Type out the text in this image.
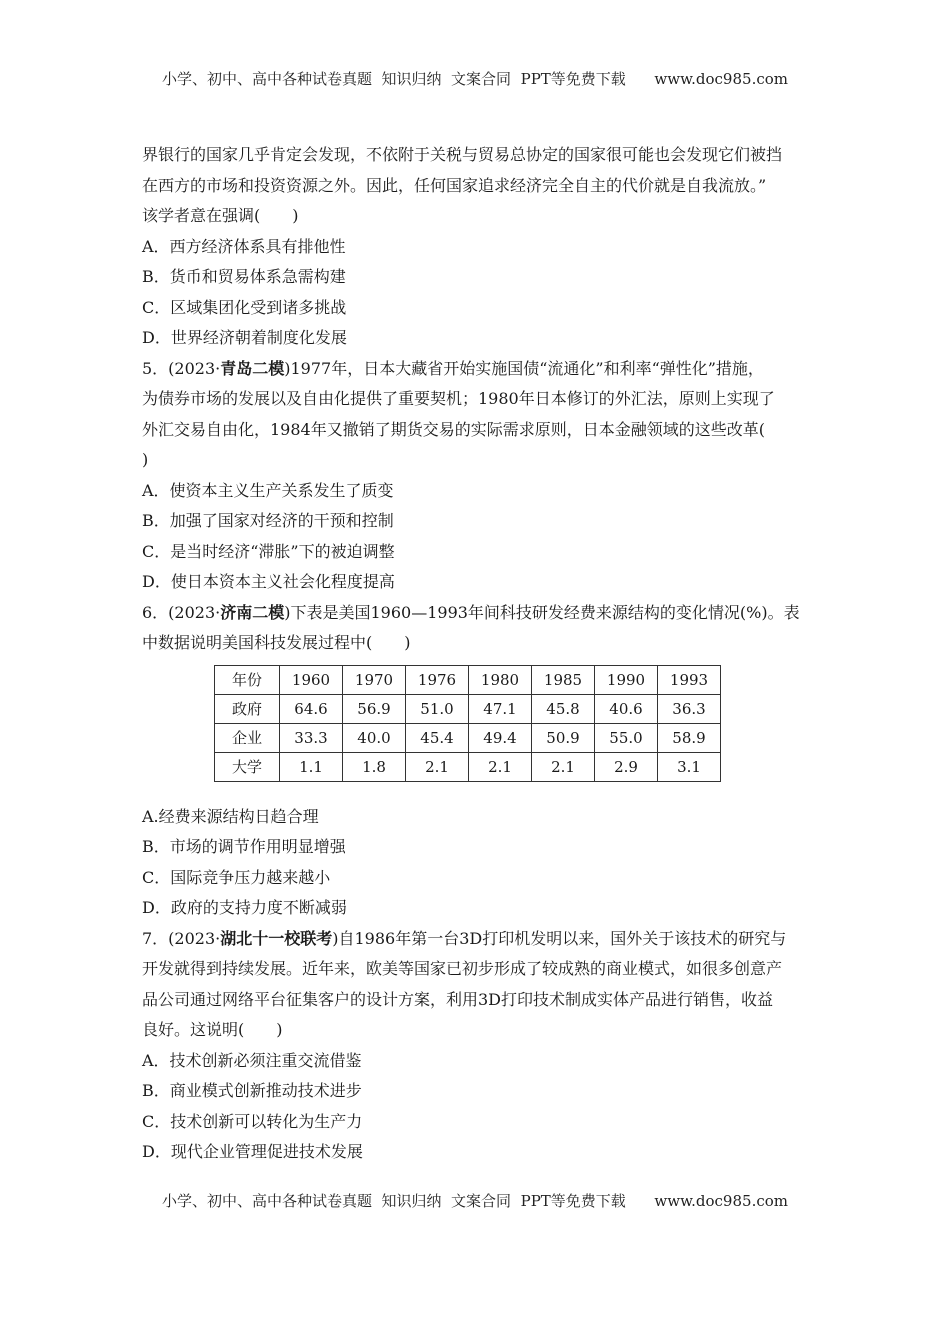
小学、初中、高中各种试卷真题  知识归纳  文案合同  PPT等免费下载      www.doc985.com

界银行的国家几乎肯定会发现，不依附于关税与贸易总协定的国家很可能也会发现它们被挡

在西方的市场和投资资源之外。因此，任何国家追求经济完全自主的代价就是自我流放。”

该学者意在强调(　　)

A．西方经济体系具有排他性

B．货币和贸易体系急需构建

C．区域集团化受到诸多挑战

D．世界经济朝着制度化发展

5．(2023·青岛二模)1977年，日本大藏省开始实施国债“流通化”和利率“弹性化”措施，

为债券市场的发展以及自由化提供了重要契机；1980年日本修订的外汇法，原则上实现了

外汇交易自由化，1984年又撤销了期货交易的实际需求原则，日本金融领域的这些改革(

)

A．使资本主义生产关系发生了质变

B．加强了国家对经济的干预和控制

C．是当时经济“滞胀”下的被迫调整

D．使日本资本主义社会化程度提高

6．(2023·济南二模)下表是美国1960—1993年间科技研发经费来源结构的变化情况(%)。表

中数据说明美国科技发展过程中(　　)

年份	1960	1970	1976	1980	1985	1990	1993
政府	64.6	56.9	51.0	47.1	45.8	40.6	36.3
企业	33.3	40.0	45.4	49.4	50.9	55.0	58.9
大学	1.1	1.8	2.1	2.1	2.1	2.9	3.1

A.经费来源结构日趋合理

B．市场的调节作用明显增强

C．国际竞争压力越来越小

D．政府的支持力度不断减弱

7．(2023·湖北十一校联考)自1986年第一台3D打印机发明以来，国外关于该技术的研究与

开发就得到持续发展。近年来，欧美等国家已初步形成了较成熟的商业模式，如很多创意产

品公司通过网络平台征集客户的设计方案，利用3D打印技术制成实体产品进行销售，收益

良好。这说明(　　)

A．技术创新必须注重交流借鉴

B．商业模式创新推动技术进步

C．技术创新可以转化为生产力

D．现代企业管理促进技术发展

小学、初中、高中各种试卷真题  知识归纳  文案合同  PPT等免费下载      www.doc985.com
